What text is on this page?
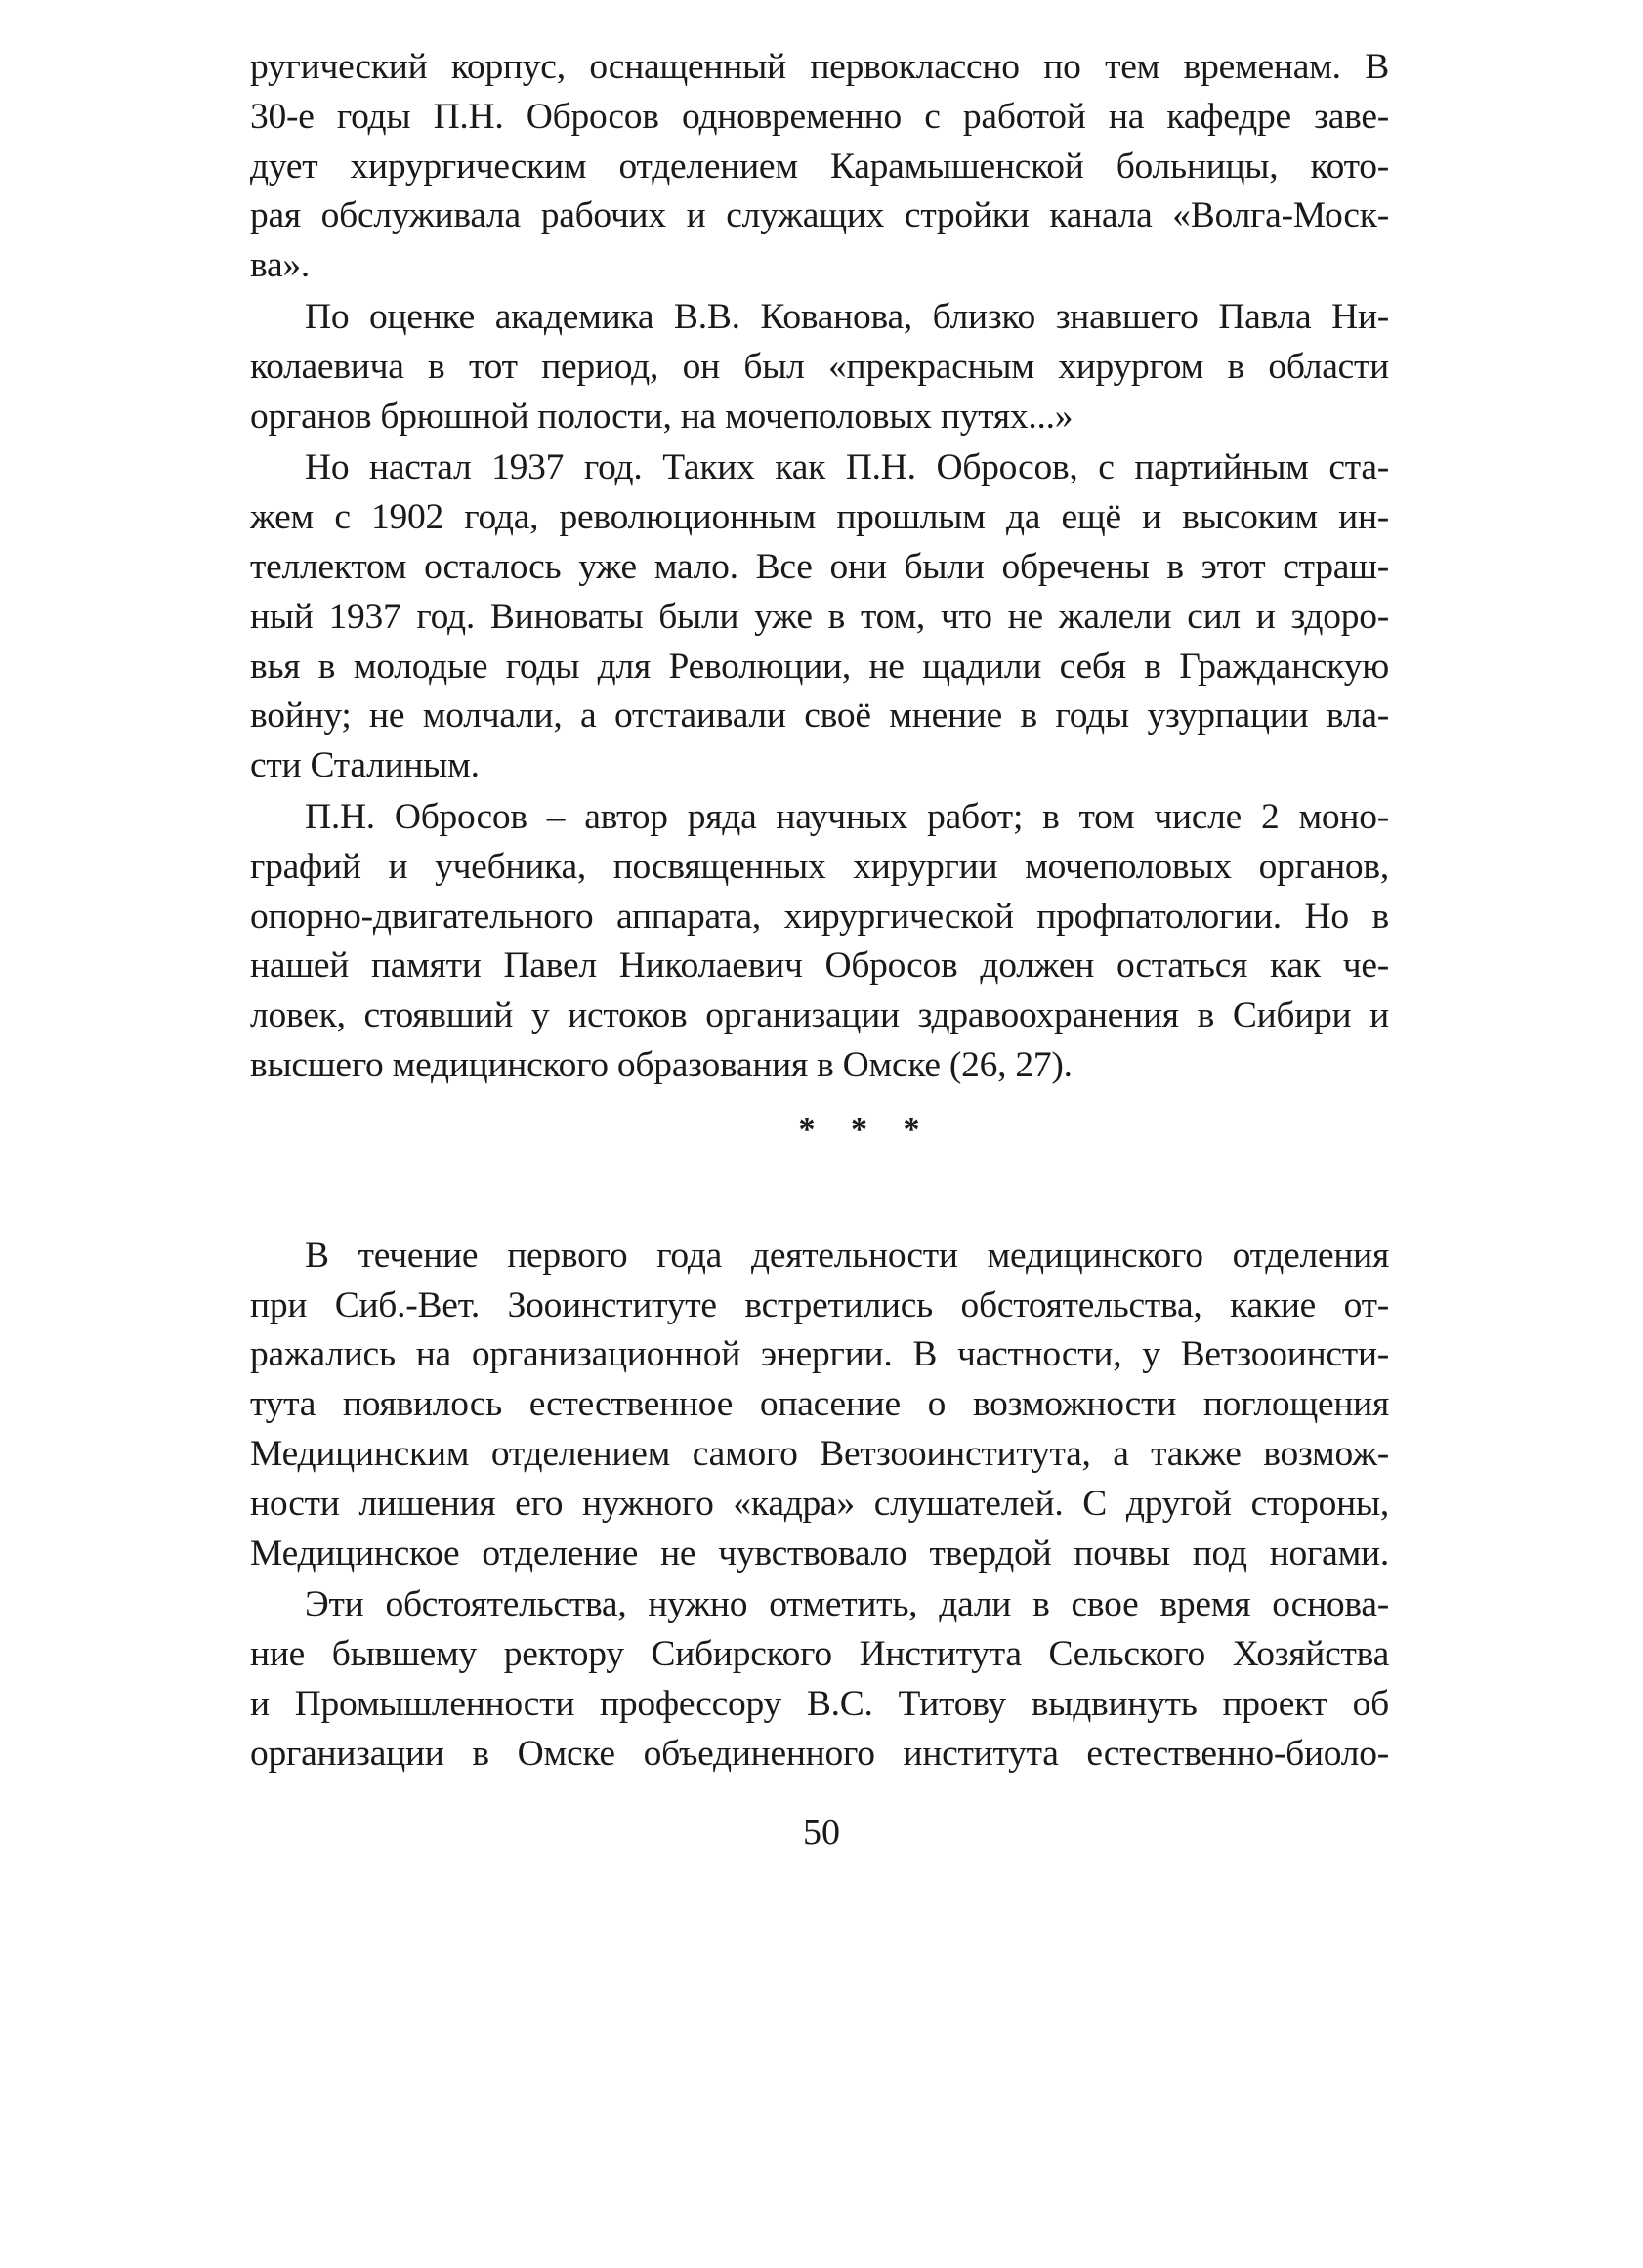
ругический корпус, оснащенный первоклассно по тем временам. В
30-е годы П.Н. Обросов одновременно с работой на кафедре заве-
дует хирургическим отделением Карамышенской больницы, кото-
рая обслуживала рабочих и служащих стройки канала «Волга-Моск-
ва».
По оценке академика В.В. Кованова, близко знавшего Павла Ни-
колаевича в тот период, он был «прекрасным хирургом в области
органов брюшной полости, на мочеполовых путях...»
Но настал 1937 год. Таких как П.Н. Обросов, с партийным ста-
жем с 1902 года, революционным прошлым да ещё и высоким ин-
теллектом осталось уже мало. Все они были обречены в этот страш-
ный 1937 год. Виноваты были уже в том, что не жалели сил и здоро-
вья в молодые годы для Революции, не щадили себя в Гражданскую
войну; не молчали, а отстаивали своё мнение в годы узурпации вла-
сти Сталиным.
П.Н. Обросов – автор ряда научных работ; в том числе 2 моно-
графий и учебника, посвященных хирургии мочеполовых органов,
опорно-двигательного аппарата, хирургической профпатологии. Но в
нашей памяти Павел Николаевич Обросов должен остаться как че-
ловек, стоявший у истоков организации здравоохранения в Сибири и
высшего медицинского образования в Омске (26, 27).
* * *
В течение первого года деятельности медицинского отделения
при Сиб.-Вет. Зооинституте встретились обстоятельства, какие от-
ражались на организационной энергии. В частности, у Ветзооинсти-
тута появилось естественное опасение о возможности поглощения
Медицинским отделением самого Ветзооинститута, а также возмож-
ности лишения его нужного «кадра» слушателей. С другой стороны,
Медицинское отделение не чувствовало твердой почвы под ногами.
Эти обстоятельства, нужно отметить, дали в свое время основа-
ние бывшему ректору Сибирского Института Сельского Хозяйства
и Промышленности профессору В.С. Титову выдвинуть проект об
организации в Омске объединенного института естественно-биоло-
50
